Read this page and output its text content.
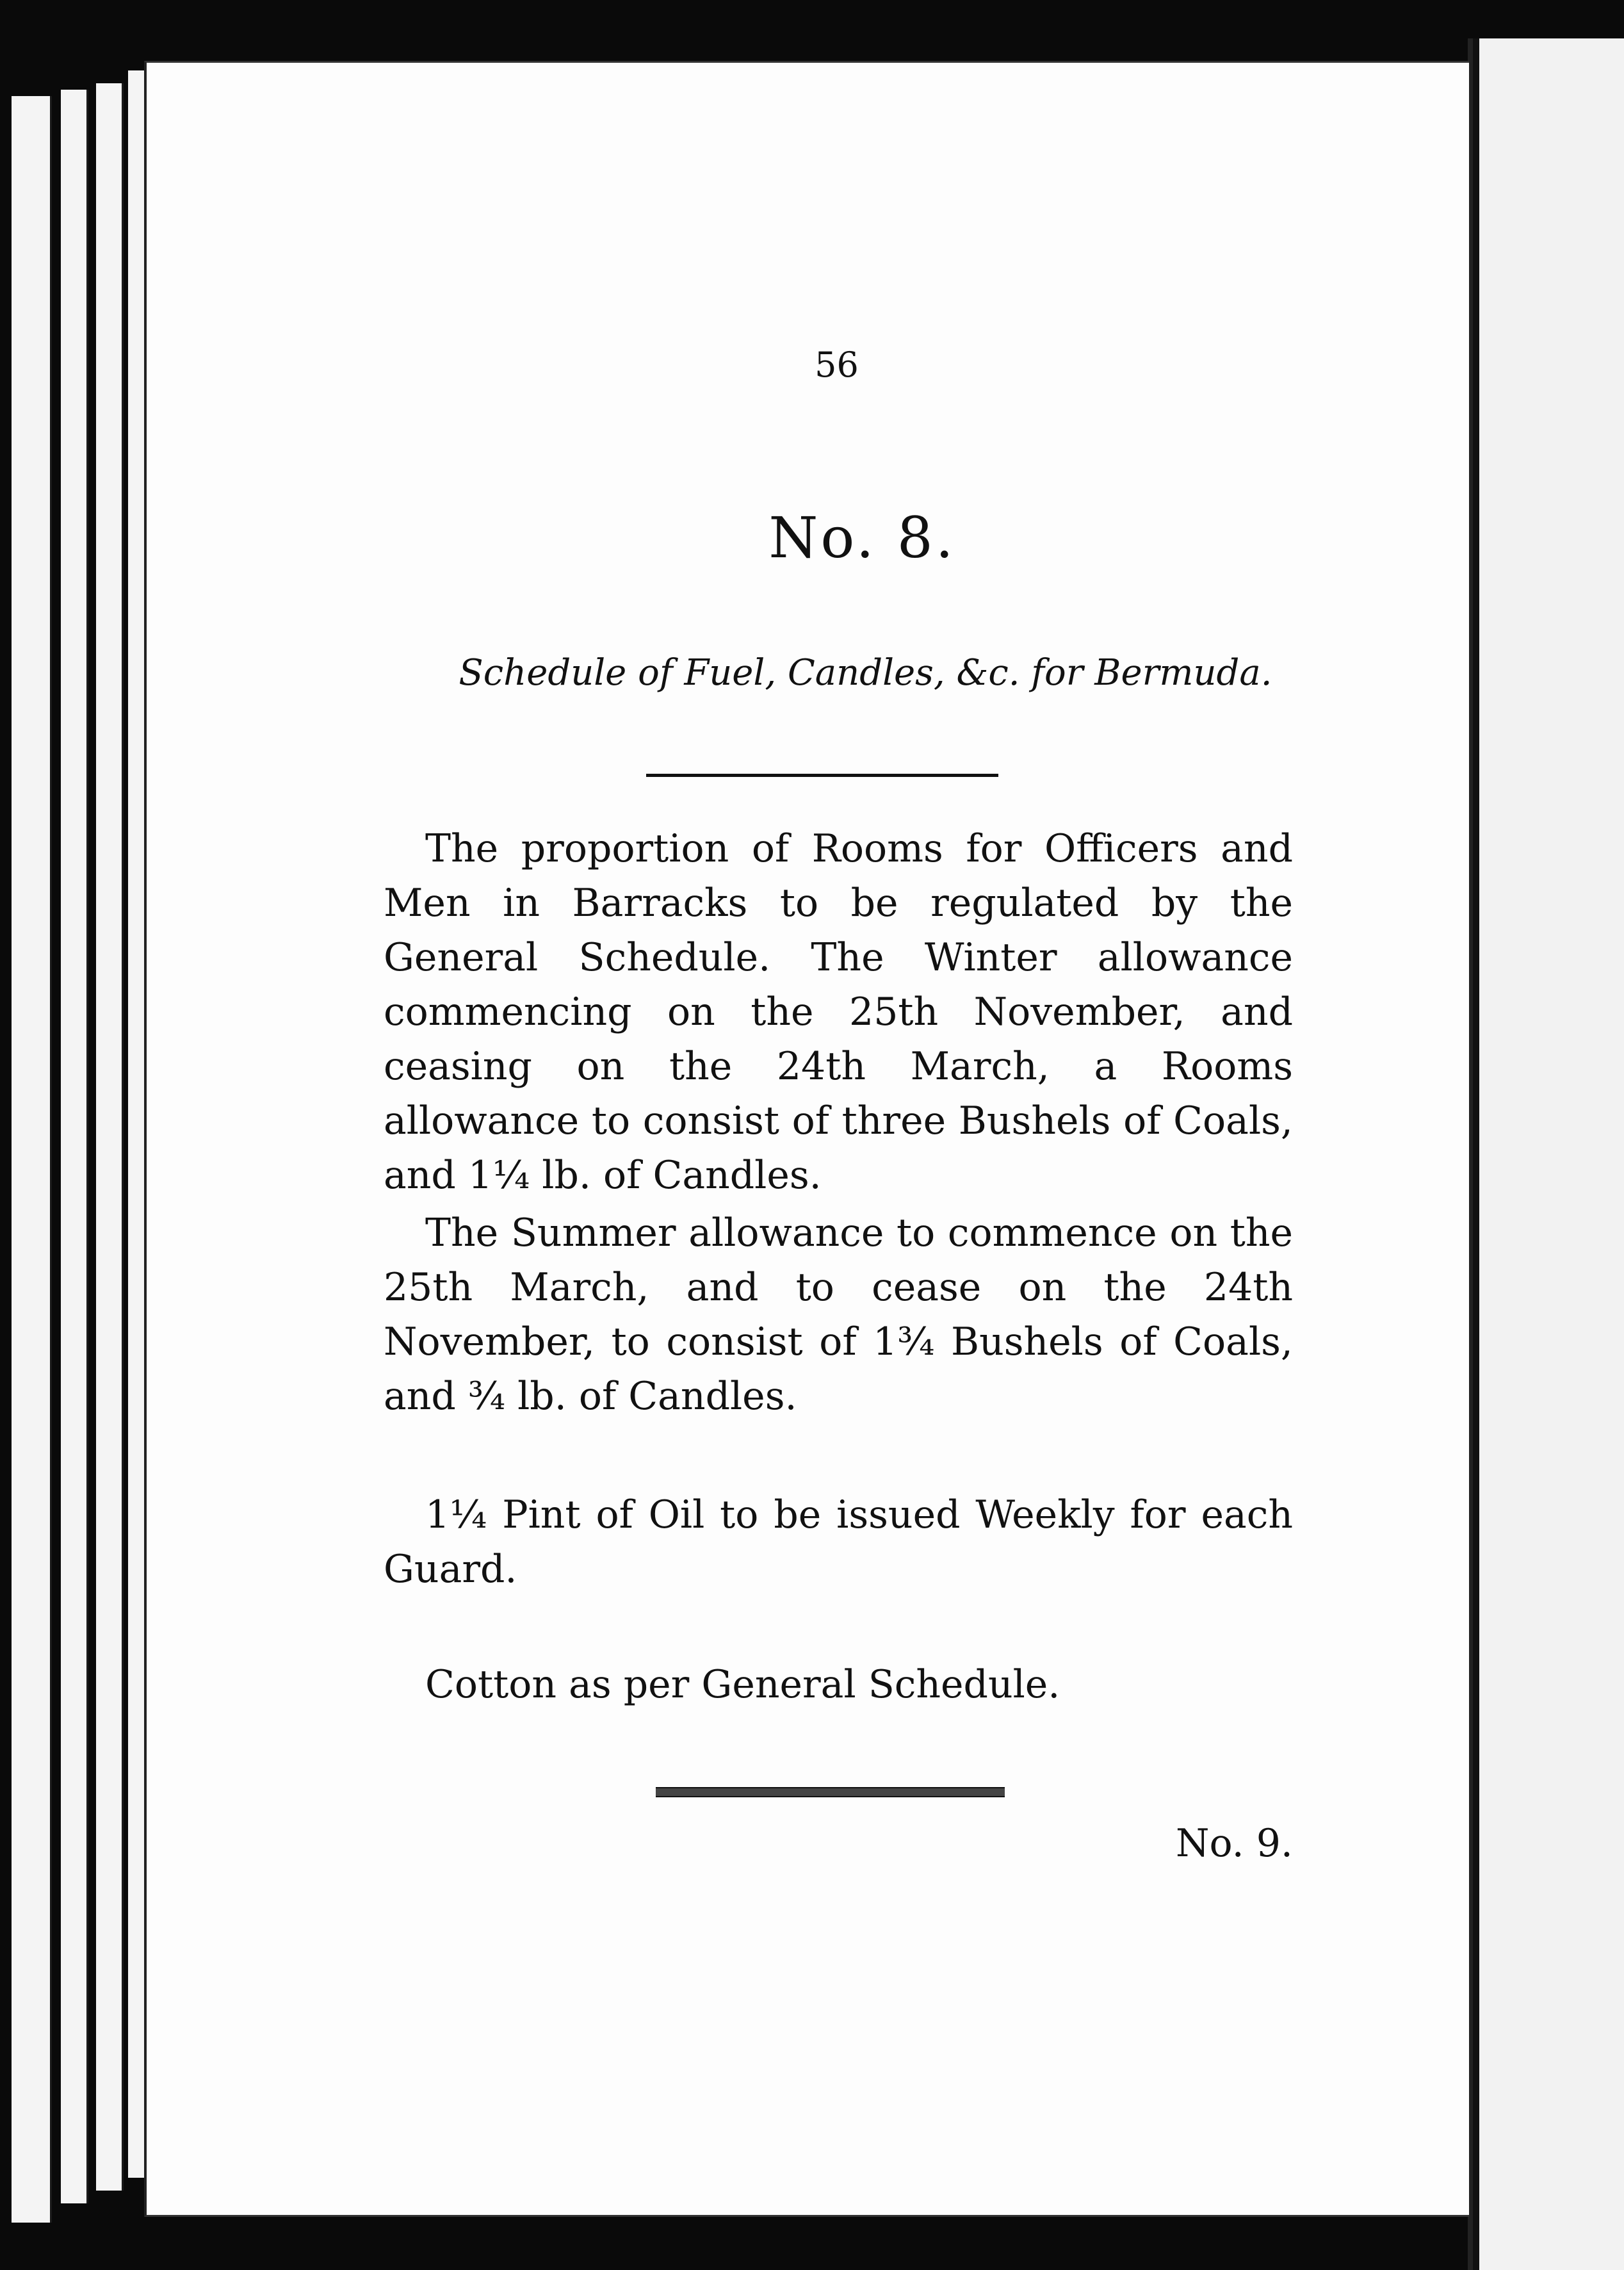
56
No. 8.
Schedule of Fuel, Candles, &c. for Bermuda.

The proportion of Rooms for Officers and Men in Barracks to be regulated by the General Schedule. The Winter allowance commencing on the 25th November, and ceasing on the 24th March, a Rooms allowance to consist of three Bushels of Coals, and 1¼ lb. of Candles.

The Summer allowance to commence on the 25th March, and to cease on the 24th November, to consist of 1¾ Bushels of Coals, and ¾ lb. of Candles.

1¼ Pint of Oil to be issued Weekly for each Guard.

Cotton as per General Schedule.

No. 9.
